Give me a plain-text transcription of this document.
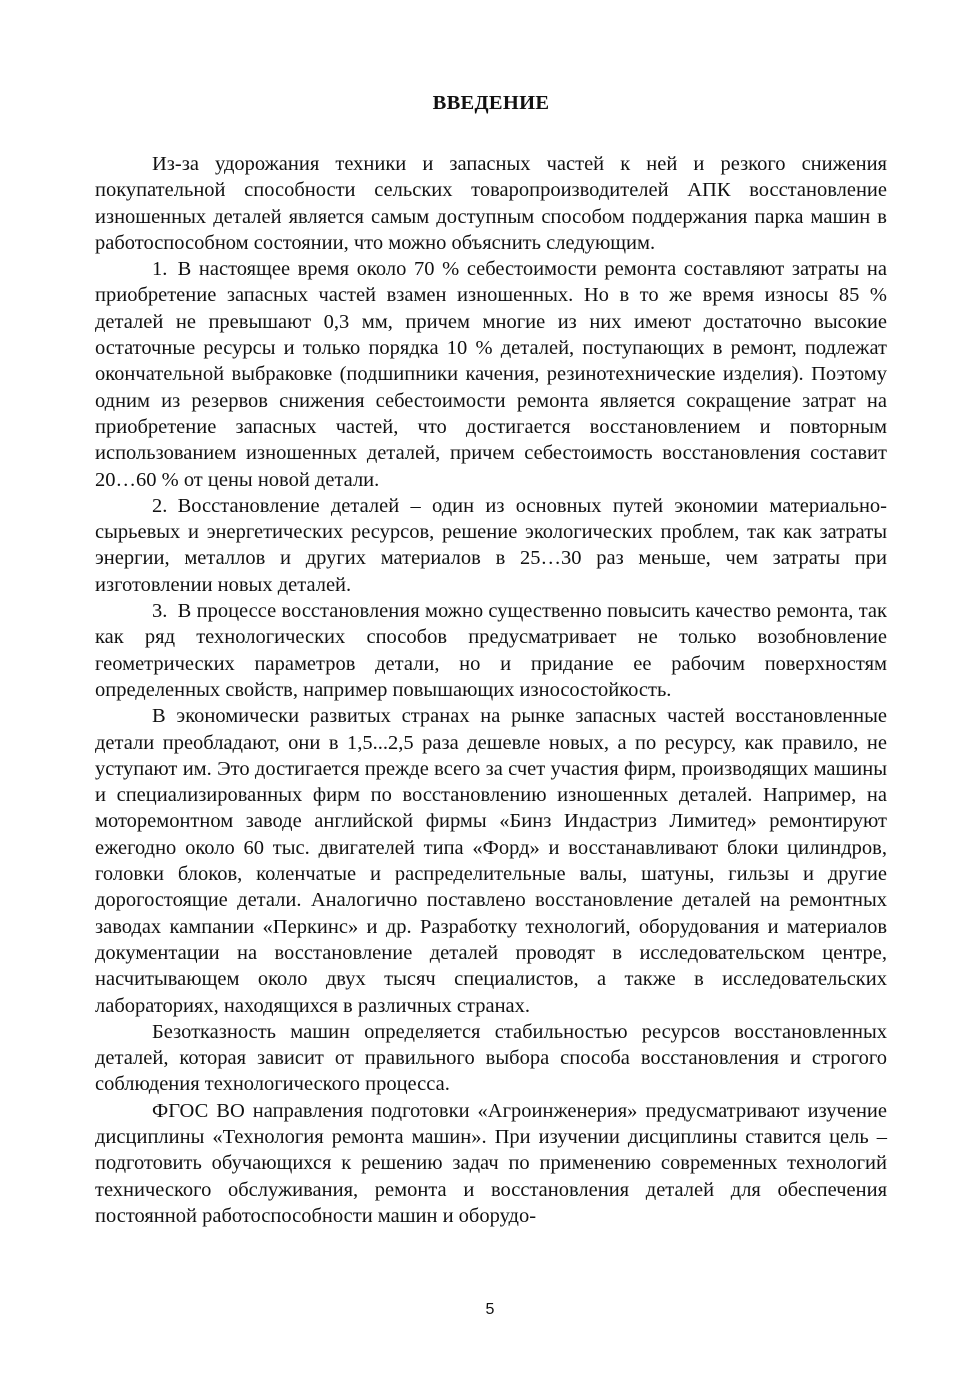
ВВЕДЕНИЕ

Из-за удорожания техники и запасных частей к ней и резкого снижения покупательной способности сельских товаропроизводителей АПК восстановление изношенных деталей является самым доступным способом поддержания парка машин в работоспособном состоянии, что можно объяснить следующим.

1. В настоящее время около 70 % себестоимости ремонта составляют затраты на приобретение запасных частей взамен изношенных. Но в то же время износы 85 % деталей не превышают 0,3 мм, причем многие из них имеют достаточно высокие остаточные ресурсы и только порядка 10 % деталей, поступающих в ремонт, подлежат окончательной выбраковке (подшипники качения, резинотехнические изделия). Поэтому одним из резервов снижения себестоимости ремонта является сокращение затрат на приобретение запасных частей, что достигается восстановлением и повторным использованием изношенных деталей, причем себестоимость восстановления составит 20…60 % от цены новой детали.

2. Восстановление деталей – один из основных путей экономии материально-сырьевых и энергетических ресурсов, решение экологических проблем, так как затраты энергии, металлов и других материалов в 25…30 раз меньше, чем затраты при изготовлении новых деталей.

3. В процессе восстановления можно существенно повысить качество ремонта, так как ряд технологических способов предусматривает не только возобновление геометрических параметров детали, но и придание ее рабочим поверхностям определенных свойств, например повышающих износостойкость.

В экономически развитых странах на рынке запасных частей восстановленные детали преобладают, они в 1,5...2,5 раза дешевле новых, а по ресурсу, как правило, не уступают им. Это достигается прежде всего за счет участия фирм, производящих машины и специализированных фирм по восстановлению изношенных деталей. Например, на моторемонтном заводе английской фирмы «Бинз Индастриз Лимитед» ремонтируют ежегодно около 60 тыс. двигателей типа «Форд» и восстанавливают блоки цилиндров, головки блоков, коленчатые и распределительные валы, шатуны, гильзы и другие дорогостоящие детали. Аналогично поставлено восстановление деталей на ремонтных заводах кампании «Перкинс» и др. Разработку технологий, оборудования и материалов документации на восстановление деталей проводят в исследовательском центре, насчитывающем около двух тысяч специалистов, а также в исследовательских лабораториях, находящихся в различных странах.

Безотказность машин определяется стабильностью ресурсов восстановленных деталей, которая зависит от правильного выбора способа восстановления и строгого соблюдения технологического процесса.

ФГОС ВО направления подготовки «Агроинженерия» предусматривают изучение дисциплины «Технология ремонта машин». При изучении дисциплины ставится цель – подготовить обучающихся к решению задач по применению современных технологий технического обслуживания, ремонта и восстановления деталей для обеспечения постоянной работоспособности машин и оборудо-

5
